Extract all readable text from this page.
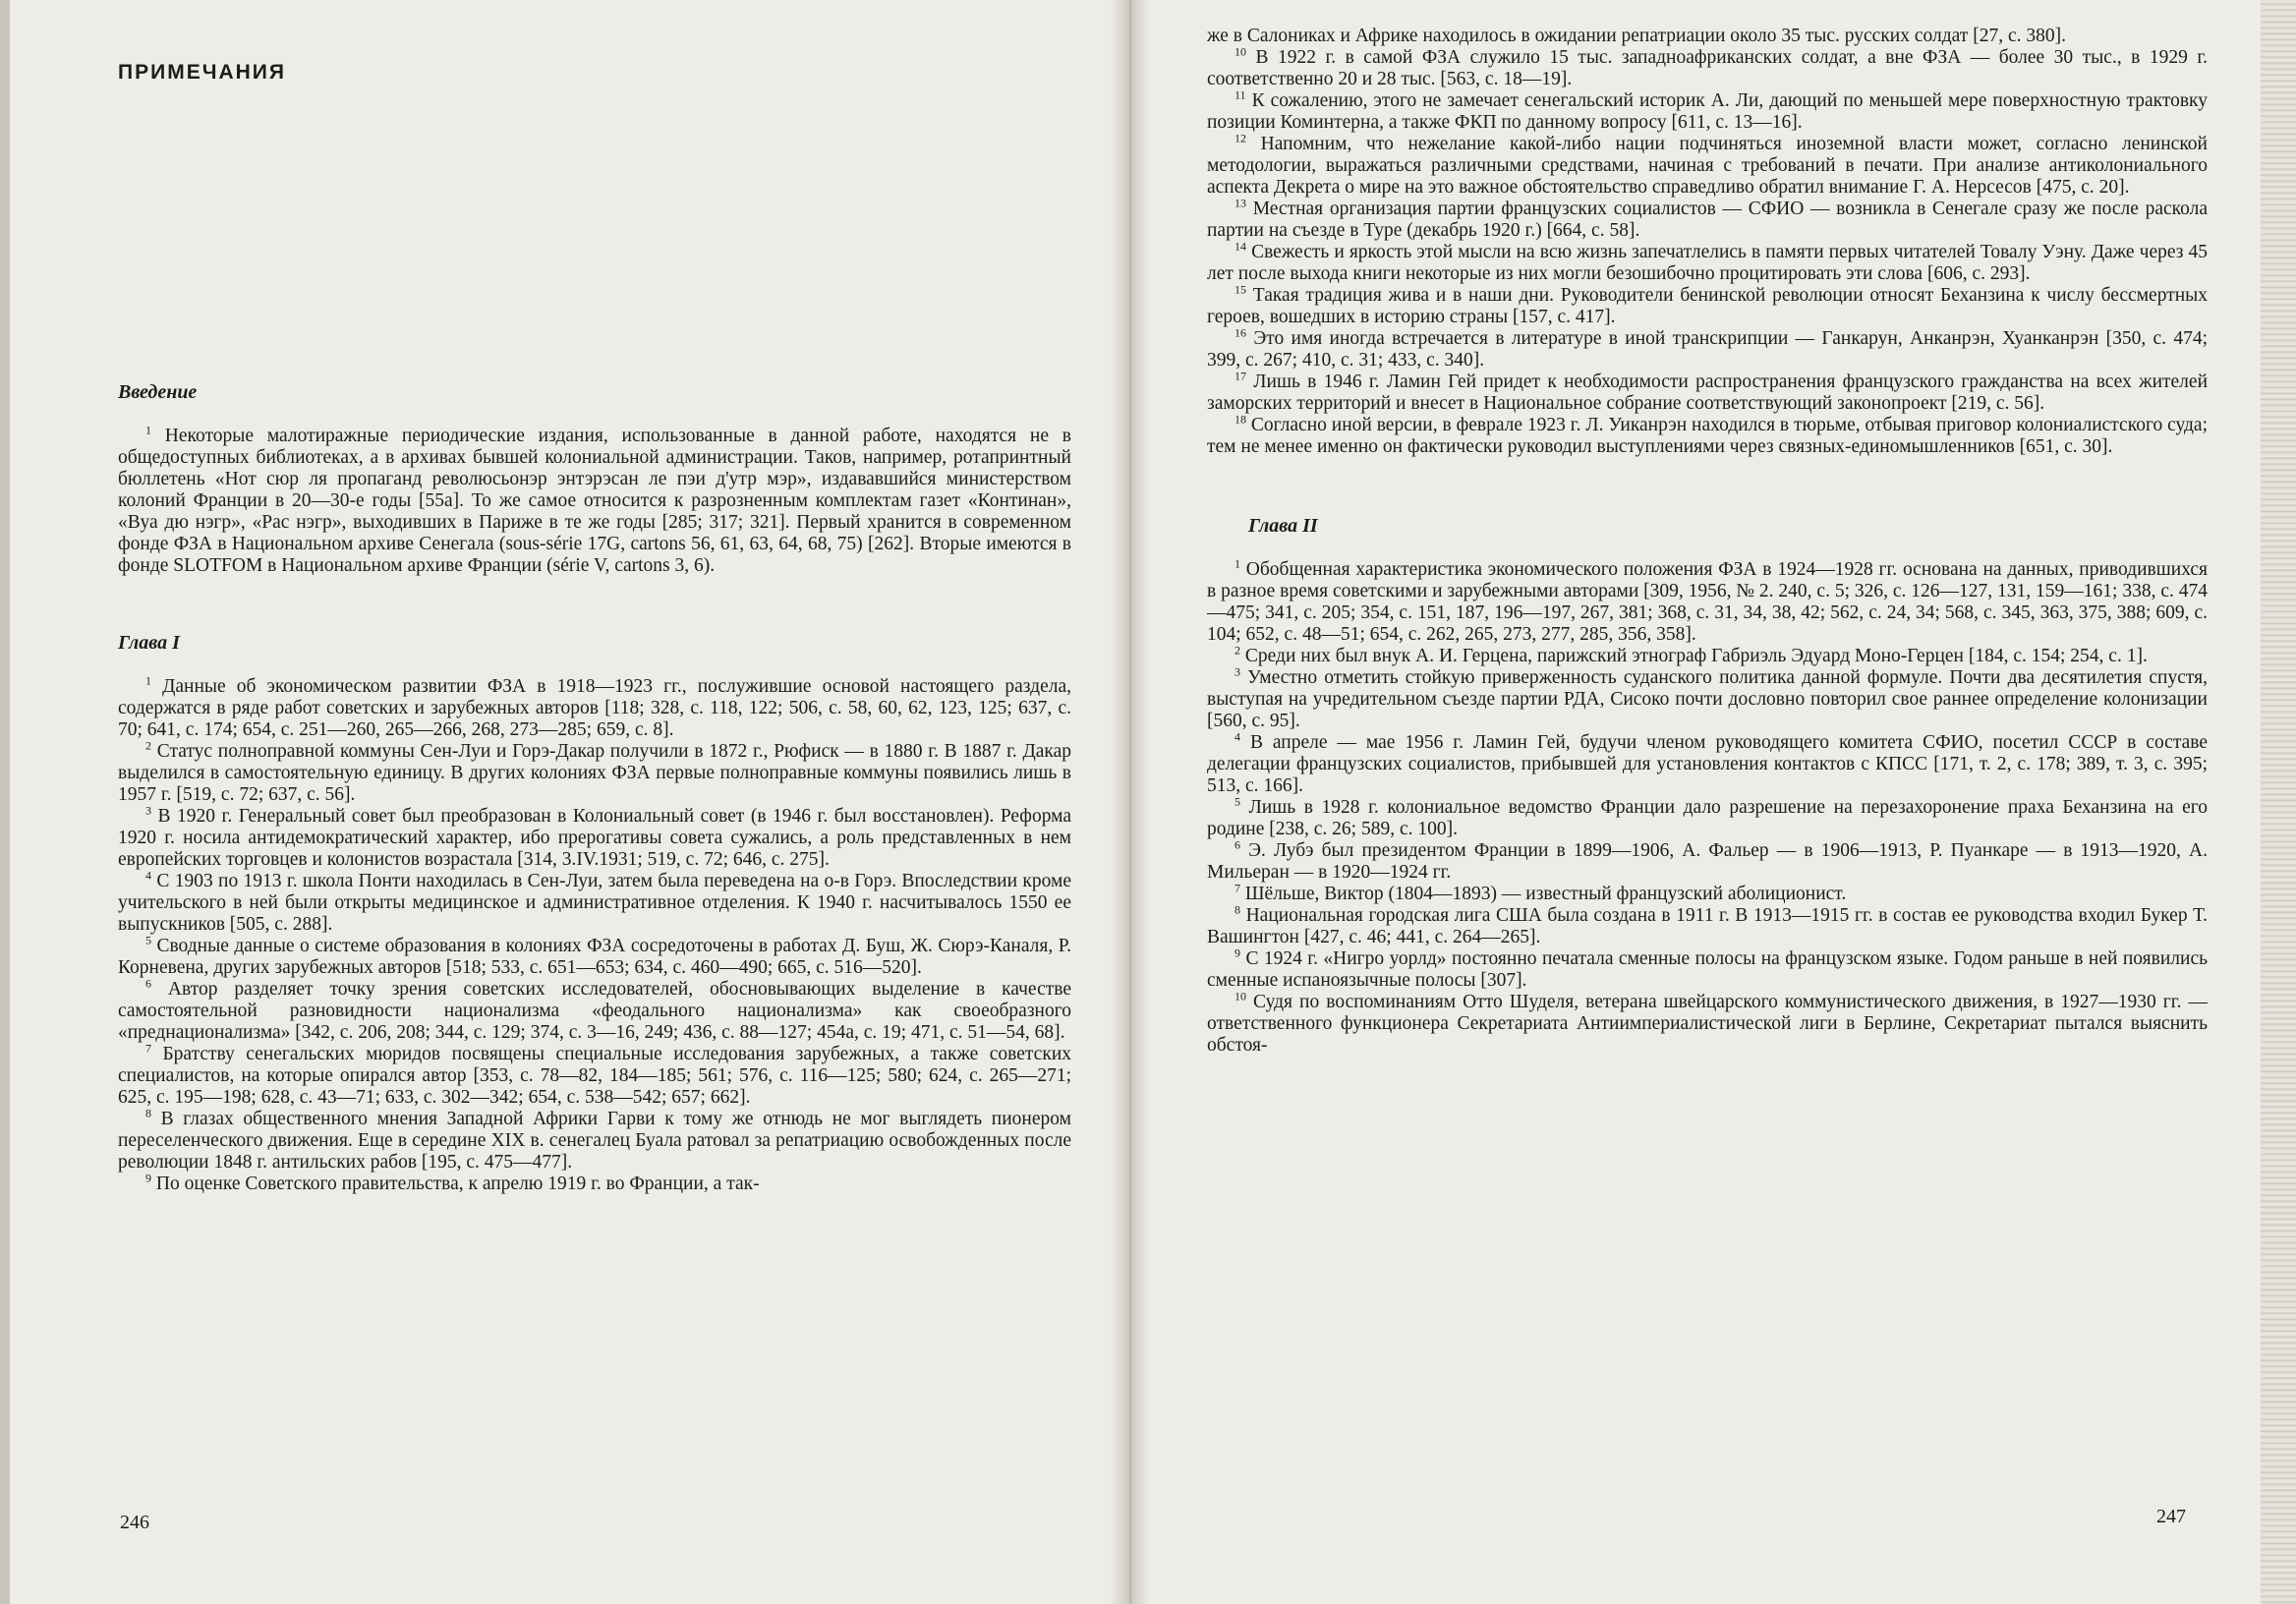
ПРИМЕЧАНИЯ
Введение

$^1$ Некоторые малотиражные периодические издания, использованные в данной работе, находятся не в общедоступных библиотеках, а в архивах бывшей колониальной администрации. Таков, например, ротапринтный бюллетень «Нот сюр ля пропаганд революсьонэр энтэрэсан ле пэи д'утр мэр», издававшийся министерством колоний Франции в 20—30-е годы [55а]. То же самое относится к разрозненным комплектам газет «Континан», «Вуа дю нэгр», «Рас нэгр», выходивших в Париже в те же годы [285; 317; 321]. Первый хранится в современном фонде ФЗА в Национальном архиве Сенегала (sous-série 17G, cartons 56, 61, 63, 64, 68, 75) [262]. Вторые имеются в фонде SLOTFOM в Национальном архиве Франции (série V, cartons 3, 6).

Глава I

$^1$ Данные об экономическом развитии ФЗА в 1918—1923 гг., послужившие основой настоящего раздела, содержатся в ряде работ советских и зарубежных авторов [118; 328, с. 118, 122; 506, с. 58, 60, 62, 123, 125; 637, с. 70; 641, с. 174; 654, с. 251—260, 265—266, 268, 273—285; 659, с. 8].

$^2$ Статус полноправной коммуны Сен-Луи и Горэ-Дакар получили в 1872 г., Рюфиск — в 1880 г. В 1887 г. Дакар выделился в самостоятельную единицу. В других колониях ФЗА первые полноправные коммуны появились лишь в 1957 г. [519, с. 72; 637, с. 56].

$^3$ В 1920 г. Генеральный совет был преобразован в Колониальный совет (в 1946 г. был восстановлен). Реформа 1920 г. носила антидемократический характер, ибо прерогативы совета сужались, а роль представленных в нем европейских торговцев и колонистов возрастала [314, 3.IV.1931; 519, с. 72; 646, с. 275].

$^4$ С 1903 по 1913 г. школа Понти находилась в Сен-Луи, затем была переведена на о-в Горэ. Впоследствии кроме учительского в ней были открыты медицинское и административное отделения. К 1940 г. насчитывалось 1550 ее выпускников [505, с. 288].

$^5$ Сводные данные о системе образования в колониях ФЗА сосредоточены в работах Д. Буш, Ж. Сюрэ-Каналя, Р. Корневена, других зарубежных авторов [518; 533, с. 651—653; 634, с. 460—490; 665, с. 516—520].

$^6$ Автор разделяет точку зрения советских исследователей, обосновывающих выделение в качестве самостоятельной разновидности национализма «феодального национализма» как своеобразного «преднационализма» [342, с. 206, 208; 344, с. 129; 374, с. 3—16, 249; 436, с. 88—127; 454а, с. 19; 471, с. 51—54, 68].

$^7$ Братству сенегальских мюридов посвящены специальные исследования зарубежных, а также советских специалистов, на которые опирался автор [353, с. 78—82, 184—185; 561; 576, с. 116—125; 580; 624, с. 265—271; 625, с. 195—198; 628, с. 43—71; 633, с. 302—342; 654, с. 538—542; 657; 662].

$^8$ В глазах общественного мнения Западной Африки Гарви к тому же отнюдь не мог выглядеть пионером переселенческого движения. Еще в середине XIX в. сенегалец Буала ратовал за репатриацию освобожденных после революции 1848 г. антильских рабов [195, с. 475—477].

$^9$ По оценке Советского правительства, к апрелю 1919 г. во Франции, а так-

246

же в Салониках и Африке находилось в ожидании репатриации около 35 тыс. русских солдат [27, с. 380].

$^{10}$ В 1922 г. в самой ФЗА служило 15 тыс. западноафриканских солдат, а вне ФЗА — более 30 тыс., в 1929 г. соответственно 20 и 28 тыс. [563, с. 18—19].

$^{11}$ К сожалению, этого не замечает сенегальский историк А. Ли, дающий по меньшей мере поверхностную трактовку позиции Коминтерна, а также ФКП по данному вопросу [611, с. 13—16].

$^{12}$ Напомним, что нежелание какой-либо нации подчиняться иноземной власти может, согласно ленинской методологии, выражаться различными средствами, начиная с требований в печати. При анализе антиколониального аспекта Декрета о мире на это важное обстоятельство справедливо обратил внимание Г. А. Нерсесов [475, с. 20].

$^{13}$ Местная организация партии французских социалистов — СФИО — возникла в Сенегале сразу же после раскола партии на съезде в Туре (декабрь 1920 г.) [664, с. 58].

$^{14}$ Свежесть и яркость этой мысли на всю жизнь запечатлелись в памяти первых читателей Товалу Уэну. Даже через 45 лет после выхода книги некоторые из них могли безошибочно процитировать эти слова [606, с. 293].

$^{15}$ Такая традиция жива и в наши дни. Руководители бенинской революции относят Беханзина к числу бессмертных героев, вошедших в историю страны [157, с. 417].

$^{16}$ Это имя иногда встречается в литературе в иной транскрипции — Ганкарун, Анканрэн, Хуанканрэн [350, с. 474; 399, с. 267; 410, с. 31; 433, с. 340].

$^{17}$ Лишь в 1946 г. Ламин Гей придет к необходимости распространения французского гражданства на всех жителей заморских территорий и внесет в Национальное собрание соответствующий законопроект [219, с. 56].

$^{18}$ Согласно иной версии, в феврале 1923 г. Л. Уиканрэн находился в тюрьме, отбывая приговор колониалистского суда; тем не менее именно он фактически руководил выступлениями через связных-единомышленников [651, с. 30].

Глава II

$^1$ Обобщенная характеристика экономического положения ФЗА в 1924—1928 гг. основана на данных, приводившихся в разное время советскими и зарубежными авторами [309, 1956, № 2. 240, с. 5; 326, с. 126—127, 131, 159—161; 338, с. 474—475; 341, с. 205; 354, с. 151, 187, 196—197, 267, 381; 368, с. 31, 34, 38, 42; 562, с. 24, 34; 568, с. 345, 363, 375, 388; 609, с. 104; 652, с. 48—51; 654, с. 262, 265, 273, 277, 285, 356, 358].

$^2$ Среди них был внук А. И. Герцена, парижский этнограф Габриэль Эдуард Моно-Герцен [184, с. 154; 254, с. 1].

$^3$ Уместно отметить стойкую приверженность суданского политика данной формуле. Почти два десятилетия спустя, выступая на учредительном съезде партии РДА, Сисоко почти дословно повторил свое раннее определение колонизации [560, с. 95].

$^4$ В апреле — мае 1956 г. Ламин Гей, будучи членом руководящего комитета СФИО, посетил СССР в составе делегации французских социалистов, прибывшей для установления контактов с КПСС [171, т. 2, с. 178; 389, т. 3, с. 395; 513, с. 166].

$^5$ Лишь в 1928 г. колониальное ведомство Франции дало разрешение на перезахоронение праха Беханзина на его родине [238, с. 26; 589, с. 100].

$^6$ Э. Лубэ был президентом Франции в 1899—1906, А. Фальер — в 1906—1913, Р. Пуанкаре — в 1913—1920, А. Мильеран — в 1920—1924 гг.

$^7$ Шёльше, Виктор (1804—1893) — известный французский аболиционист.

$^8$ Национальная городская лига США была создана в 1911 г. В 1913—1915 гг. в состав ее руководства входил Букер Т. Вашингтон [427, с. 46; 441, с. 264—265].

$^9$ С 1924 г. «Нигро уорлд» постоянно печатала сменные полосы на французском языке. Годом раньше в ней появились сменные испаноязычные полосы [307].

$^{10}$ Судя по воспоминаниям Отто Шуделя, ветерана швейцарского коммунистического движения, в 1927—1930 гг. — ответственного функционера Секретариата Антиимпериалистической лиги в Берлине, Секретариат пытался выяснить обстоя-

247
